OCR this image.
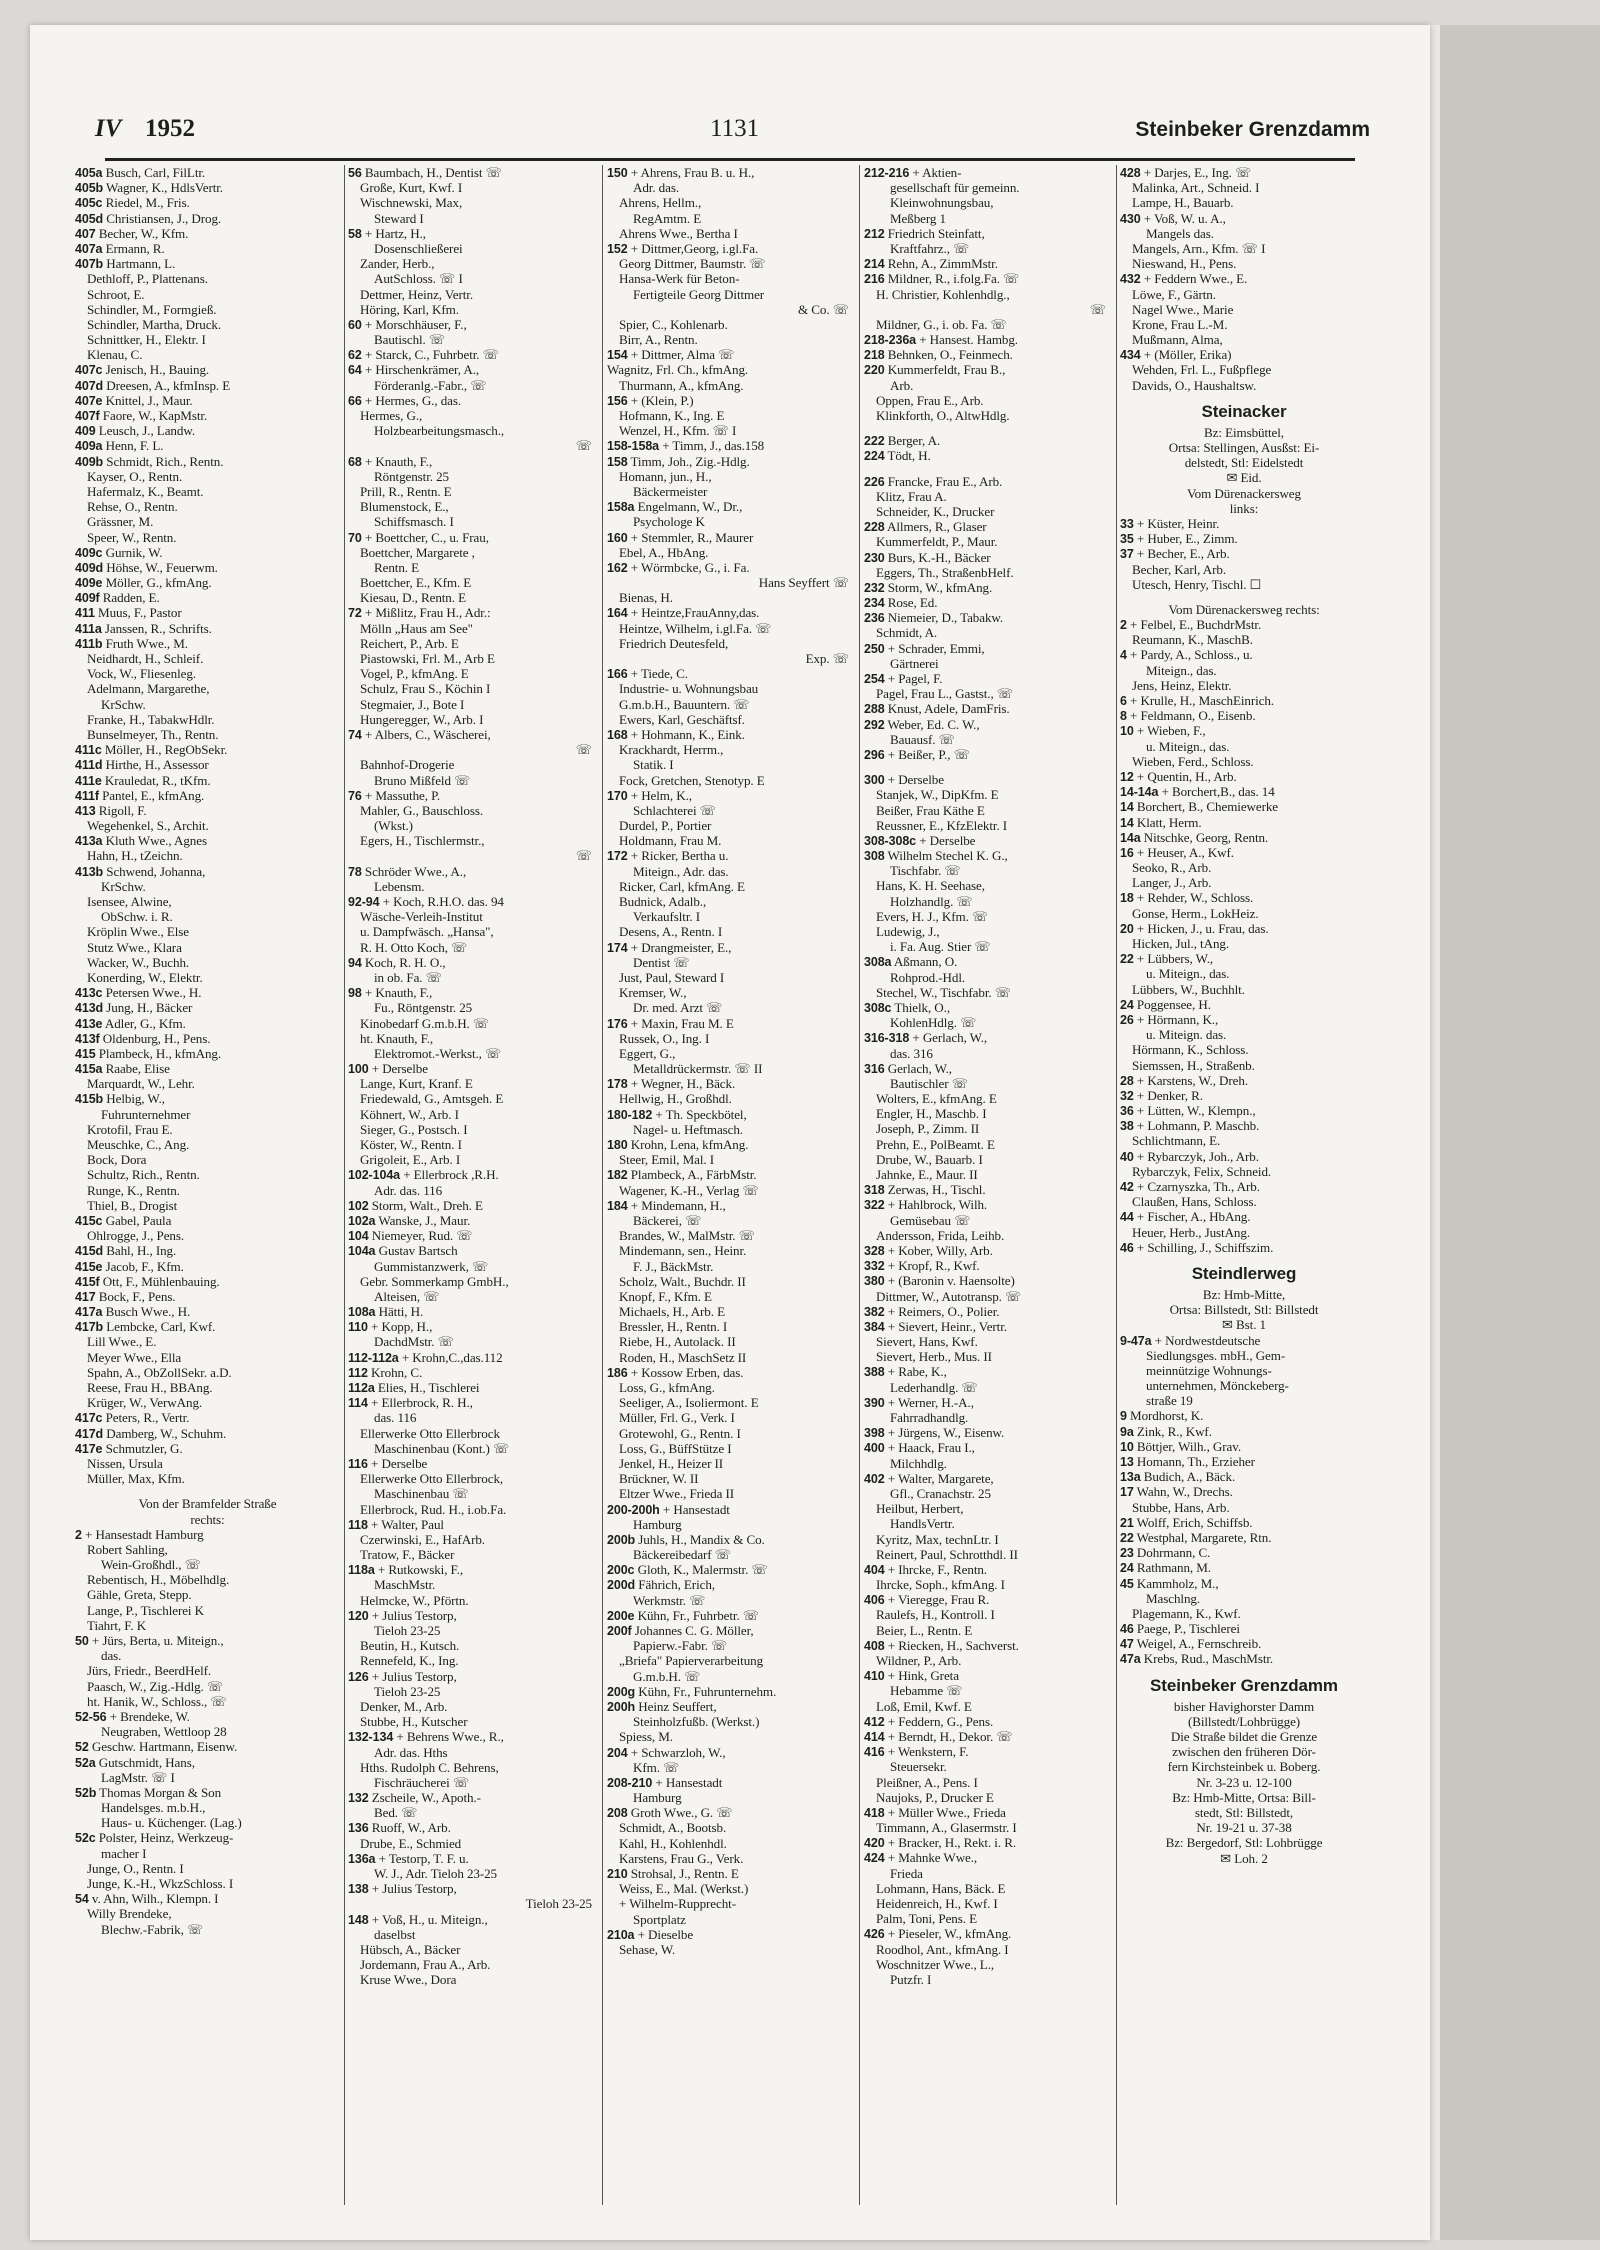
IV 1952	1131	Steinbeker Grenzdamm
405a Busch, Carl, FilLtr.
405b Wagner, K., HdlsVertr.
405c Riedel, M., Fris.
405d Christiansen, J., Drog.
407 Becher, W., Kfm.
407a Ermann, R.
407b Hartmann, L.
Dethloff, P., Plattenans.
Schroot, E.
Schindler, M., Formgieß.
Schindler, Martha, Druck.
Schnittker, H., Elektr. I
Klenau, C.
407c Jenisch, H., Bauing.
407d Dreesen, A., kfmInsp. E
407e Knittel, J., Maur.
407f Faore, W., KapMstr.
409 Leusch, J., Landw.
409a Henn, F. L.
409b Schmidt, Rich., Rentn.
Kayser, O., Rentn.
Hafermalz, K., Beamt.
Rehse, O., Rentn.
Grässner, M.
Speer, W., Rentn.
409c Gurnik, W.
409d Höhse, W., Feuerwm.
409e Möller, G., kfmAng.
409f Radden, E.
411 Muus, F., Pastor
411a Janssen, R., Schrifts.
411b Fruth Wwe., M.
Neidhardt, H., Schleif.
Vock, W., Fliesenleg.
Adelmann, Margarethe,
KrSchw.
Franke, H., TabakwHdlr.
Bunselmeyer, Th., Rentn.
411c Möller, H., RegObSekr.
411d Hirthe, H., Assessor
411e Krauledat, R., tKfm.
411f Pantel, E., kfmAng.
413 Rigoll, F.
Wegehenkel, S., Archit.
413a Kluth Wwe., Agnes
Hahn, H., tZeichn.
413b Schwend, Johanna,
KrSchw.
Isensee, Alwine,
ObSchw. i. R.
Kröplin Wwe., Else
Stutz Wwe., Klara
Wacker, W., Buchh.
Konerding, W., Elektr.
413c Petersen Wwe., H.
413d Jung, H., Bäcker
413e Adler, G., Kfm.
413f Oldenburg, H., Pens.
415 Plambeck, H., kfmAng.
415a Raabe, Elise
Marquardt, W., Lehr.
415b Helbig, W.,
Fuhrunternehmer
Krotofil, Frau E.
Meuschke, C., Ang.
Bock, Dora
Schultz, Rich., Rentn.
Runge, K., Rentn.
Thiel, B., Drogist
415c Gabel, Paula
Ohlrogge, J., Pens.
415d Bahl, H., Ing.
415e Jacob, F., Kfm.
415f Ott, F., Mühlenbauing.
417 Bock, F., Pens.
417a Busch Wwe., H.
417b Lembcke, Carl, Kwf.
Lill Wwe., E.
Meyer Wwe., Ella
Spahn, A., ObZollSekr. a.D.
Reese, Frau H., BBAng.
Krüger, W., VerwAng.
417c Peters, R., Vertr.
417d Damberg, W., Schuhm.
417e Schmutzler, G.
Nissen, Ursula
Müller, Max, Kfm.
Von der Bramfelder Straße
rechts:
2 + Hansestadt Hamburg
Robert Sahling,
Wein-Großhdl., ☏
Rebentisch, H., Möbelhdlg.
Gähle, Greta, Stepp.
Lange, P., Tischlerei K
Tiahrt, F. K
50 + Jürs, Berta, u. Miteign.,
das.
Jürs, Friedr., BeerdHelf.
Paasch, W., Zig.-Hdlg. ☏
ht. Hanik, W., Schloss., ☏
52-56 + Brendeke, W.
Neugraben, Wettloop 28
52 Geschw. Hartmann, Eisenw.
52a Gutschmidt, Hans,
LagMstr. ☏ I
52b Thomas Morgan & Son
Handelsges. m.b.H.,
Haus- u. Küchenger. (Lag.)
52c Polster, Heinz, Werkzeug-
macher I
Junge, O., Rentn. I
Junge, K.-H., WkzSchloss. I
54 v. Ahn, Wilh., Klempn. I
Willy Brendeke,
Blechw.-Fabrik, ☏
56 Baumbach, H., Dentist ☏
Große, Kurt, Kwf. I
Wischnewski, Max,
Steward I
58 + Hartz, H.,
Dosenschließerei
Zander, Herb.,
AutSchloss. ☏ I
Dettmer, Heinz, Vertr.
Höring, Karl, Kfm.
60 + Morschhäuser, F.,
Bautischl. ☏
62 + Starck, C., Fuhrbetr. ☏
64 + Hirschenkrämer, A.,
Förderanlg.-Fabr., ☏
66 + Hermes, G., das.
Hermes, G.,
Holzbearbeitungsmasch.,
☏
68 + Knauth, F.,
Röntgenstr. 25
Prill, R., Rentn. E
Blumenstock, E.,
Schiffsmasch. I
70 + Boettcher, C., u. Frau,
Boettcher, Margarete ,
Rentn. E
Boettcher, E., Kfm. E
Kiesau, D., Rentn. E
72 + Mißlitz, Frau H., Adr.:
Mölln „Haus am See"
Reichert, P., Arb. E
Piastowski, Frl. M., Arb E
Vogel, P., kfmAng. E
Schulz, Frau S., Köchin I
Stegmaier, J., Bote I
Hungeregger, W., Arb. I
74 + Albers, C., Wäscherei,
☏
Bahnhof-Drogerie
Bruno Mißfeld ☏
76 + Massuthe, P.
Mahler, G., Bauschloss.
(Wkst.)
Egers, H., Tischlermstr.,
☏
78 Schröder Wwe., A.,
Lebensm.
92-94 + Koch, R.H.O. das. 94
Wäsche-Verleih-Institut
u. Dampfwäsch. „Hansa",
R. H. Otto Koch, ☏
94 Koch, R. H. O.,
in ob. Fa. ☏
98 + Knauth, F.,
Fu., Röntgenstr. 25
Kinobedarf G.m.b.H. ☏
ht. Knauth, F.,
Elektromot.-Werkst., ☏
100 + Derselbe
Lange, Kurt, Kranf. E
Friedewald, G., Amtsgeh. E
Köhnert, W., Arb. I
Sieger, G., Postsch. I
Köster, W., Rentn. I
Grigoleit, E., Arb. I
102-104a + Ellerbrock ,R.H.
Adr. das. 116
102 Storm, Walt., Dreh. E
102a Wanske, J., Maur.
104 Niemeyer, Rud. ☏
104a Gustav Bartsch
Gummistanzwerk, ☏
Gebr. Sommerkamp GmbH.,
Alteisen, ☏
108a Hätti, H.
110 + Kopp, H.,
DachdMstr. ☏
112-112a + Krohn,C.,das.112
112 Krohn, C.
112a Elies, H., Tischlerei
114 + Ellerbrock, R. H.,
das. 116
Ellerwerke Otto Ellerbrock
Maschinenbau (Kont.) ☏
116 + Derselbe
Ellerwerke Otto Ellerbrock,
Maschinenbau ☏
Ellerbrock, Rud. H., i.ob.Fa.
118 + Walter, Paul
Czerwinski, E., HafArb.
Tratow, F., Bäcker
118a + Rutkowski, F.,
MaschMstr.
Helmcke, W., Pförtn.
120 + Julius Testorp,
Tieloh 23-25
Beutin, H., Kutsch.
Rennefeld, K., Ing.
126 + Julius Testorp,
Tieloh 23-25
Denker, M., Arb.
Stubbe, H., Kutscher
132-134 + Behrens Wwe., R.,
Adr. das. Hths
Hths. Rudolph C. Behrens,
Fischräucherei ☏
132 Zscheile, W., Apoth.-
Bed. ☏
136 Ruoff, W., Arb.
Drube, E., Schmied
136a + Testorp, T. F. u.
W. J., Adr. Tieloh 23-25
138 + Julius Testorp,
Tieloh 23-25
148 + Voß, H., u. Miteign.,
daselbst
Hübsch, A., Bäcker
Jordemann, Frau A., Arb.
Kruse Wwe., Dora
150 + Ahrens, Frau B. u. H.,
Adr. das.
Ahrens, Hellm.,
RegAmtm. E
Ahrens Wwe., Bertha I
152 + Dittmer,Georg, i.gl.Fa.
Georg Dittmer, Baumstr. ☏
Hansa-Werk für Beton-
Fertigteile Georg Dittmer
& Co. ☏
Spier, C., Kohlenarb.
Birr, A., Rentn.
154 + Dittmer, Alma ☏
Wagnitz, Frl. Ch., kfmAng.
Thurmann, A., kfmAng.
156 + (Klein, P.)
Hofmann, K., Ing. E
Wenzel, H., Kfm. ☏ I
158-158a + Timm, J., das.158
158 Timm, Joh., Zig.-Hdlg.
Homann, jun., H.,
Bäckermeister
158a Engelmann, W., Dr.,
Psychologe K
160 + Stemmler, R., Maurer
Ebel, A., HbAng.
162 + Wörmbcke, G., i. Fa.
Hans Seyffert ☏
Bienas, H.
164 + Heintze,FrauAnny,das.
Heintze, Wilhelm, i.gl.Fa. ☏
Friedrich Deutesfeld,
Exp. ☏
166 + Tiede, C.
Industrie- u. Wohnungsbau
G.m.b.H., Bauuntern. ☏
Ewers, Karl, Geschäftsf.
168 + Hohmann, K., Eink.
Krackhardt, Herrm.,
Statik. I
Fock, Gretchen, Stenotyp. E
170 + Helm, K.,
Schlachterei ☏
Durdel, P., Portier
Holdmann, Frau M.
172 + Ricker, Bertha u.
Miteign., Adr. das.
Ricker, Carl, kfmAng. E
Budnick, Adalb.,
Verkaufsltr. I
Desens, A., Rentn. I
174 + Drangmeister, E.,
Dentist ☏
Just, Paul, Steward I
Kremser, W.,
Dr. med. Arzt ☏
176 + Maxin, Frau M. E
Russek, O., Ing. I
Eggert, G.,
Metalldrückermstr. ☏ II
178 + Wegner, H., Bäck.
Hellwig, H., Großhdl.
180-182 + Th. Speckbötel,
Nagel- u. Heftmasch.
180 Krohn, Lena, kfmAng.
Steer, Emil, Mal. I
182 Plambeck, A., FärbMstr.
Wagener, K.-H., Verlag ☏
184 + Mindemann, H.,
Bäckerei, ☏
Brandes, W., MalMstr. ☏
Mindemann, sen., Heinr.
F. J., BäckMstr.
Scholz, Walt., Buchdr. II
Knopf, F., Kfm. E
Michaels, H., Arb. E
Bressler, H., Rentn. I
Riebe, H., Autolack. II
Roden, H., MaschSetz II
186 + Kossow Erben, das.
Loss, G., kfmAng.
Seeliger, A., Isoliermont. E
Müller, Frl. G., Verk. I
Grotewohl, G., Rentn. I
Loss, G., BüffStütze I
Jenkel, H., Heizer II
Brückner, W. II
Eltzer Wwe., Frieda II
200-200h + Hansestadt
Hamburg
200b Juhls, H., Mandix & Co.
Bäckereibedarf ☏
200c Gloth, K., Malermstr. ☏
200d Fährich, Erich,
Werkmstr. ☏
200e Kühn, Fr., Fuhrbetr. ☏
200f Johannes C. G. Möller,
Papierw.-Fabr. ☏
„Briefa" Papierverarbeitung
G.m.b.H. ☏
200g Kühn, Fr., Fuhrunternehm.
200h Heinz Seuffert,
Steinholzfußb. (Werkst.)
Spiess, M.
204 + Schwarzloh, W.,
Kfm. ☏
208-210 + Hansestadt
Hamburg
208 Groth Wwe., G. ☏
Schmidt, A., Bootsb.
Kahl, H., Kohlenhdl.
Karstens, Frau G., Verk.
210 Strohsal, J., Rentn. E
Weiss, E., Mal. (Werkst.)
+ Wilhelm-Rupprecht-
Sportplatz
210a + Dieselbe
Sehase, W.
212-216 + Aktien-
gesellschaft für gemeinn.
Kleinwohnungsbau,
Meßberg 1
212 Friedrich Steinfatt,
Kraftfahrz., ☏
214 Rehn, A., ZimmMstr.
216 Mildner, R., i.folg.Fa. ☏
H. Christier, Kohlenhdlg.,
☏
Mildner, G., i. ob. Fa. ☏
218-236a + Hansest. Hambg.
218 Behnken, O., Feinmech.
220 Kummerfeldt, Frau B.,
Arb.
Oppen, Frau E., Arb.
Klinkforth, O., AltwHdlg.
222 Berger, A.
224 Tödt, H.
226 Francke, Frau E., Arb.
Klitz, Frau A.
Schneider, K., Drucker
228 Allmers, R., Glaser
Kummerfeldt, P., Maur.
230 Burs, K.-H., Bäcker
Eggers, Th., StraßenbHelf.
232 Storm, W., kfmAng.
234 Rose, Ed.
236 Niemeier, D., Tabakw.
Schmidt, A.
250 + Schrader, Emmi,
Gärtnerei
254 + Pagel, F.
Pagel, Frau L., Gastst., ☏
288 Knust, Adele, DamFris.
292 Weber, Ed. C. W.,
Bauausf. ☏
296 + Beißer, P., ☏
300 + Derselbe
Stanjek, W., DipKfm. E
Beißer, Frau Käthe E
Reussner, E., KfzElektr. I
308-308c + Derselbe
308 Wilhelm Stechel K. G.,
Tischfabr. ☏
Hans, K. H. Seehase,
Holzhandlg. ☏
Evers, H. J., Kfm. ☏
Ludewig, J.,
i. Fa. Aug. Stier ☏
308a Aßmann, O.
Rohprod.-Hdl.
Stechel, W., Tischfabr. ☏
308c Thielk, O.,
KohlenHdlg. ☏
316-318 + Gerlach, W.,
das. 316
316 Gerlach, W.,
Bautischler ☏
Wolters, E., kfmAng. E
Engler, H., Maschb. I
Joseph, P., Zimm. II
Prehn, E., PolBeamt. E
Drube, W., Bauarb. I
Jahnke, E., Maur. II
318 Zerwas, H., Tischl.
322 + Hahlbrock, Wilh.
Gemüsebau ☏
Andersson, Frida, Leihb.
328 + Kober, Willy, Arb.
332 + Kropf, R., Kwf.
380 + (Baronin v. Haensolte)
Dittmer, W., Autotransp. ☏
382 + Reimers, O., Polier.
384 + Sievert, Heinr., Vertr.
Sievert, Hans, Kwf.
Sievert, Herb., Mus. II
388 + Rabe, K.,
Lederhandlg. ☏
390 + Werner, H.-A.,
Fahrradhandlg.
398 + Jürgens, W., Eisenw.
400 + Haack, Frau I.,
Milchhdlg.
402 + Walter, Margarete,
Gfl., Cranachstr. 25
Heilbut, Herbert,
HandlsVertr.
Kyritz, Max, technLtr. I
Reinert, Paul, Schrotthdl. II
404 + Ihrcke, F., Rentn.
Ihrcke, Soph., kfmAng. I
406 + Vieregge, Frau R.
Raulefs, H., Kontroll. I
Beier, L., Rentn. E
408 + Riecken, H., Sachverst.
Wildner, P., Arb.
410 + Hink, Greta
Hebamme ☏
Loß, Emil, Kwf. E
412 + Feddern, G., Pens.
414 + Berndt, H., Dekor. ☏
416 + Wenkstern, F.
Steuersekr.
Pleißner, A., Pens. I
Naujoks, P., Drucker E
418 + Müller Wwe., Frieda
Timmann, A., Glasermstr. I
420 + Bracker, H., Rekt. i. R.
424 + Mahnke Wwe.,
Frieda
Lohmann, Hans, Bäck. E
Heidenreich, H., Kwf. I
Palm, Toni, Pens. E
426 + Pieseler, W., kfmAng.
Roodhol, Ant., kfmAng. I
Woschnitzer Wwe., L.,
Putzfr. I
428 + Darjes, E., Ing. ☏
Malinka, Art., Schneid. I
Lampe, H., Bauarb.
430 + Voß, W. u. A.,
Mangels das.
Mangels, Arn., Kfm. ☏ I
Nieswand, H., Pens.
432 + Feddern Wwe., E.
Löwe, F., Gärtn.
Nagel Wwe., Marie
Krone, Frau L.-M.
Mußmann, Alma,
434 + (Möller, Erika)
Wehden, Frl. L., Fußpflege
Davids, O., Haushaltsw.
Steinacker
Bz: Eimsbüttel,
Ortsa: Stellingen, Ausßst: Ei-
delstedt, Stl: Eidelstedt
✉ Eid.
Vom Dürenackersweg
links:
33 + Küster, Heinr.
35 + Huber, E., Zimm.
37 + Becher, E., Arb.
Becher, Karl, Arb.
Utesch, Henry, Tischl. ☐
Vom Dürenackersweg rechts:
2 + Felbel, E., BuchdrMstr.
Reumann, K., MaschB.
4 + Pardy, A., Schloss., u.
Miteign., das.
Jens, Heinz, Elektr.
6 + Krulle, H., MaschEinrich.
8 + Feldmann, O., Eisenb.
10 + Wieben, F.,
u. Miteign., das.
Wieben, Ferd., Schloss.
12 + Quentin, H., Arb.
14-14a + Borchert,B., das. 14
14 Borchert, B., Chemiewerke
14 Klatt, Herm.
14a Nitschke, Georg, Rentn.
16 + Heuser, A., Kwf.
Seoko, R., Arb.
Langer, J., Arb.
18 + Rehder, W., Schloss.
Gonse, Herm., LokHeiz.
20 + Hicken, J., u. Frau, das.
Hicken, Jul., tAng.
22 + Lübbers, W.,
u. Miteign., das.
Lübbers, W., Buchhlt.
24 Poggensee, H.
26 + Hörmann, K.,
u. Miteign. das.
Hörmann, K., Schloss.
Siemssen, H., Straßenb.
28 + Karstens, W., Dreh.
32 + Denker, R.
36 + Lütten, W., Klempn.,
38 + Lohmann, P. Maschb.
Schlichtmann, E.
40 + Rybarczyk, Joh., Arb.
Rybarczyk, Felix, Schneid.
42 + Czarnyszka, Th., Arb.
Claußen, Hans, Schloss.
44 + Fischer, A., HbAng.
Heuer, Herb., JustAng.
46 + Schilling, J., Schiffszim.
Steindlerweg
Bz: Hmb-Mitte,
Ortsa: Billstedt, Stl: Billstedt
✉ Bst. 1
9-47a + Nordwestdeutsche
Siedlungsges. mbH., Gem-
meinnützige Wohnungs-
unternehmen, Mönckeberg-
straße 19
9 Mordhorst, K.
9a Zink, R., Kwf.
10 Böttjer, Wilh., Grav.
13 Homann, Th., Erzieher
13a Budich, A., Bäck.
17 Wahn, W., Drechs.
Stubbe, Hans, Arb.
21 Wolff, Erich, Schiffsb.
22 Westphal, Margarete, Rtn.
23 Dohrmann, C.
24 Rathmann, M.
45 Kammholz, M.,
Maschlng.
Plagemann, K., Kwf.
46 Paege, P., Tischlerei
47 Weigel, A., Fernschreib.
47a Krebs, Rud., MaschMstr.
Steinbeker Grenzdamm
bisher Havighorster Damm
(Billstedt/Lohbrügge)
Die Straße bildet die Grenze
zwischen den früheren Dör-
fern Kirchsteinbek u. Boberg.
Nr. 3-23 u. 12-100
Bz: Hmb-Mitte, Ortsa: Bill-
stedt, Stl: Billstedt,
Nr. 19-21 u. 37-38
Bz: Bergedorf, Stl: Lohbrügge
✉ Loh. 2
